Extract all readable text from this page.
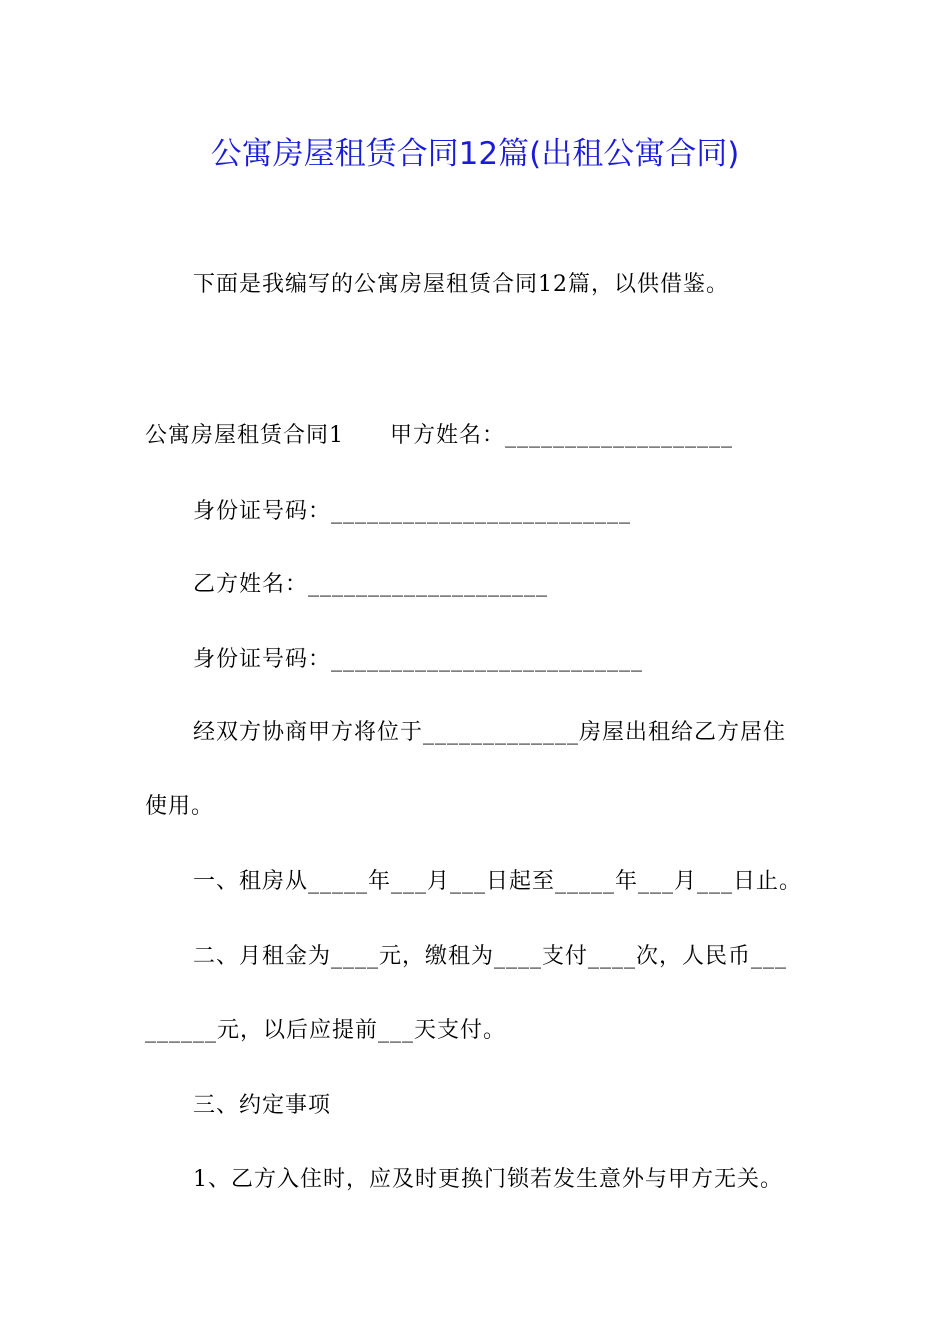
公寓房屋租赁合同12篇(出租公寓合同)
下面是我编写的公寓房屋租赁合同12篇，以供借鉴。
公寓房屋租赁合同1　　甲方姓名：___________________
身份证号码：_________________________
乙方姓名：____________________
身份证号码：__________________________
经双方协商甲方将位于_____________房屋出租给乙方居住
使用。
一、租房从_____年___月___日起至_____年___月___日止。
二、月租金为____元，缴租为____支付____次，人民币___
______元，以后应提前___天支付。
三、约定事项
1、乙方入住时，应及时更换门锁若发生意外与甲方无关。
